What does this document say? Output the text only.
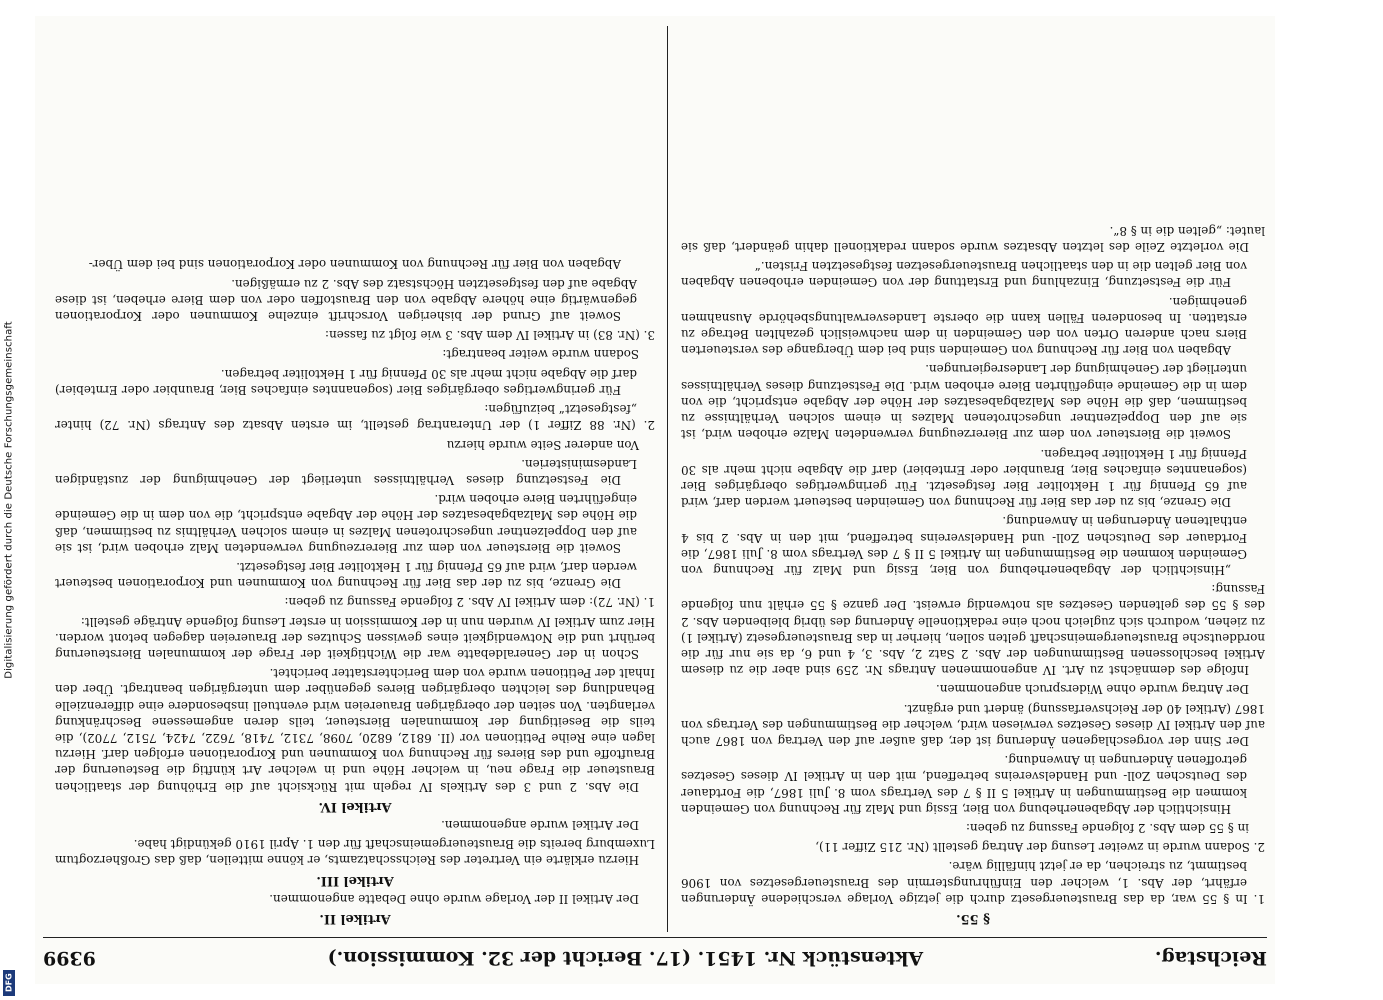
Reichstag.
Aktenstück Nr. 1451. (17. Bericht der 32. Kommission.)
9399
§ 55.
1. In § 55 war, da das Brausteuergesetz durch die jetzige Vorlage verschiedene Änderungen erfährt, der Abs. 1, welcher den Einführungstermin des Brausteuergesetzes von 1906 bestimmt, zu streichen, da er jetzt hinfällig wäre.
2. Sodann wurde in zweiter Lesung der Antrag gestellt (Nr. 215 Ziffer 11),
in § 55 dem Abs. 2 folgende Fassung zu geben:
Hinsichtlich der Abgabenerhebung von Bier, Essig und Malz für Rechnung von Gemeinden kommen die Bestimmungen in Artikel 5 II § 7 des Vertrags vom 8. Juli 1867, die Fortdauer des Deutschen Zoll- und Handelsvereins betreffend, mit den in Artikel IV dieses Gesetzes getroffenen Änderungen in Anwendung.
Der Sinn der vorgeschlagenen Änderung ist der, daß außer auf den Vertrag von 1867 auch auf den Artikel IV dieses Gesetzes verwiesen wird, welcher die Bestimmungen des Vertrags von 1867 (Artikel 40 der Reichsverfassung) ändert und ergänzt.
Der Antrag wurde ohne Widerspruch angenommen.
Infolge des demnächst zu Art. IV angenommenen Antrags Nr. 259 sind aber die zu diesem Artikel beschlossenen Bestimmungen der Abs. 2 Satz 2, Abs. 3, 4 und 6, da sie nur für die norddeutsche Brausteuergemeinschaft gelten sollen, hierher in das Brausteuergesetz (Artikel 1) zu ziehen, wodurch sich zugleich noch eine redaktionelle Änderung des übrig bleibenden Abs. 2 des § 55 des geltenden Gesetzes als notwendig erweist. Der ganze § 55 erhält nun folgende Fassung:
„Hinsichtlich der Abgabenerhebung von Bier, Essig und Malz für Rechnung von Gemeinden kommen die Bestimmungen im Artikel 5 II § 7 des Vertrags vom 8. Juli 1867, die Fortdauer des Deutschen Zoll- und Handelsvereins betreffend, mit den in Abs. 2 bis 4 enthaltenen Änderungen in Anwendung.
Die Grenze, bis zu der das Bier für Rechnung von Gemeinden besteuert werden darf, wird auf 65 Pfennig für 1 Hektoliter Bier festgesetzt. Für geringwertiges obergäriges Bier (sogenanntes einfaches Bier, Braunbier oder Erntebier) darf die Abgabe nicht mehr als 30 Pfennig für 1 Hektoliter betragen.
Soweit die Biersteuer von dem zur Biererzeugung verwendeten Malze erhoben wird, ist sie auf den Doppelzentner ungeschrotenen Malzes in einem solchen Verhältnisse zu bestimmen, daß die Höhe des Malzabgabesatzes der Höhe der Abgabe entspricht, die von dem in die Gemeinde eingeführten Biere erhoben wird. Die Festsetzung dieses Verhältnisses unterliegt der Genehmigung der Landesregierungen.
Abgaben von Bier für Rechnung von Gemeinden sind bei dem Übergange des versteuerten Biers nach anderen Orten von den Gemeinden in dem nachweislich gezahlten Betrage zu erstatten. In besonderen Fällen kann die oberste Landesverwaltungsbehörde Ausnahmen genehmigen.
Für die Festsetzung, Einzahlung und Erstattung der von Gemeinden erhobenen Abgaben von Bier gelten die in den staatlichen Brausteuergesetzen festgesetzten Fristen.“
Die vorletzte Zeile des letzten Absatzes wurde sodann redaktionell dahin geändert, daß sie lautet: „gelten die in § 8“.
Artikel II.
Der Artikel II der Vorlage wurde ohne Debatte angenommen.
Artikel III.
Hierzu erklärte ein Vertreter des Reichsschatzamts, er könne mitteilen, daß das Großherzogtum Luxemburg bereits die Brausteuergemeinschaft für den 1. April 1910 gekündigt habe.
Der Artikel wurde angenommen.
Artikel IV.
Die Abs. 2 und 3 des Artikels IV regeln mit Rücksicht auf die Erhöhung der staatlichen Brausteuer die Frage neu, in welcher Höhe und in welcher Art künftig die Besteuerung der Brauftoffe und des Bieres für Rechnung von Kommunen und Korporationen erfolgen darf. Hierzu lagen eine Reihe Petitionen vor (II. 6812, 6820, 7098, 7312, 7418, 7622, 7424, 7512, 7702), die teils die Beseitigung der kommunalen Biersteuer, teils deren angemessene Beschränkung verlangten. Von seiten der obergärigen Brauereien wird eventuell insbesondere eine differenzielle Behandlung des leichten obergärigen Bieres gegenüber dem untergärigen beantragt. Über den Inhalt der Petitionen wurde von dem Berichterstatter berichtet.
Schon in der Generaldebatte war die Wichtigkeit der Frage der kommunalen Biersteuerung berührt und die Notwendigkeit eines gewissen Schutzes der Brauereien dagegen betont worden. Hier zum Artikel IV wurden nun in der Kommission in erster Lesung folgende Anträge gestellt:
1. (Nr. 72): dem Artikel IV Abs. 2 folgende Fassung zu geben:
Die Grenze, bis zu der das Bier für Rechnung von Kommunen und Korporationen besteuert werden darf, wird auf 65 Pfennig für 1 Hektoliter Bier festgesetzt.
Soweit die Biersteuer von dem zur Biererzeugung verwendeten Malz erhoben wird, ist sie auf den Doppelzentner ungeschrotenen Malzes in einem solchen Verhältnis zu bestimmen, daß die Höhe des Malzabgabesatzes der Höhe der Abgabe entspricht, die von dem in die Gemeinde eingeführten Biere erhoben wird.
Die Festsetzung dieses Verhältnisses unterliegt der Genehmigung der zuständigen Landesministerien.
Von anderer Seite wurde hierzu
2. (Nr. 88 Ziffer 1) der Unterantrag gestellt, im ersten Absatz des Antrags (Nr. 72) hinter „festgesetzt“ beizufügen:
Für geringwertiges obergäriges Bier (sogenanntes einfaches Bier, Braunbier oder Erntebier) darf die Abgabe nicht mehr als 30 Pfennig für 1 Hektoliter betragen.
Sodann wurde weiter beantragt:
3. (Nr. 83) in Artikel IV dem Abs. 3 wie folgt zu fassen:
Soweit auf Grund der bisherigen Vorschrift einzelne Kommunen oder Korporationen gegenwärtig eine höhere Abgabe von den Braustoffen oder von dem Biere erheben, ist diese Abgabe auf den festgesetzten Höchstsatz des Abs. 2 zu ermäßigen.
Abgaben von Bier für Rechnung von Kommunen oder Korporationen sind bei dem Über-
Digitalisierung gefördert durch die Deutsche Forschungsgemeinschaft
DFG
